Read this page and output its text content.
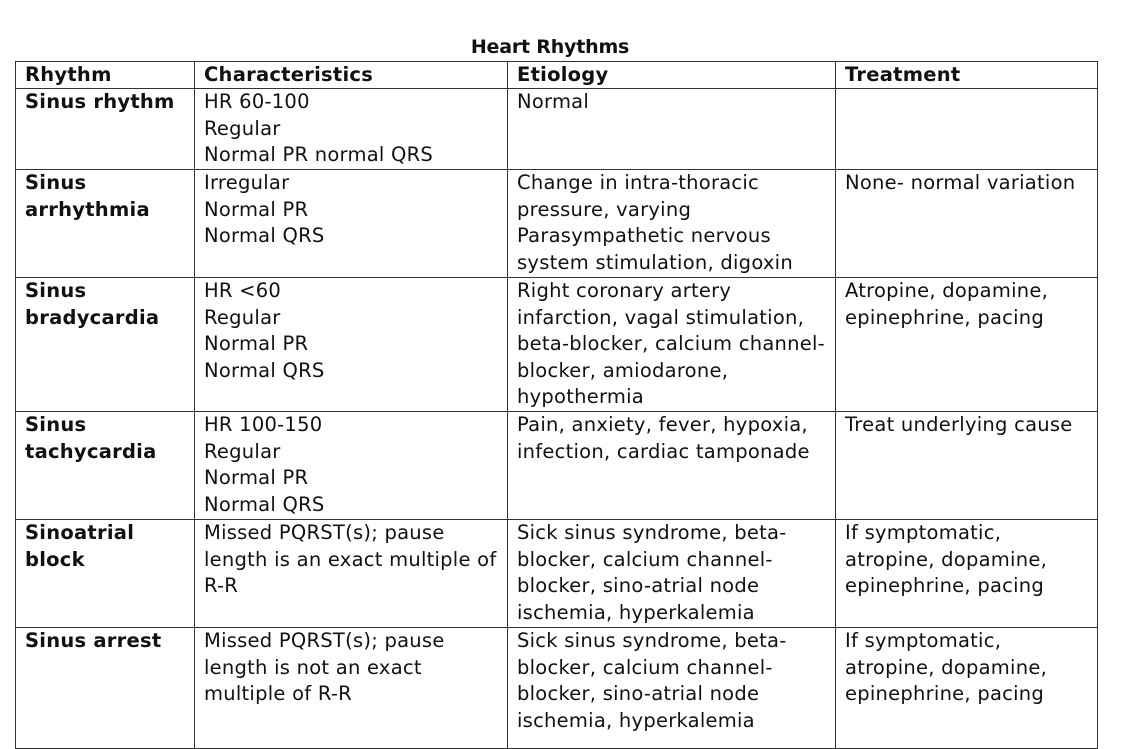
Heart Rhythms
Rhythm	Characteristics	Etiology	Treatment

Sinus rhythm	HR 60-100
Regular
Normal PR normal QRS	Normal	

Sinus
arrhythmia	Irregular
Normal PR
Normal QRS	Change in intra-thoracic
pressure, varying
Parasympathetic nervous
system stimulation, digoxin	None- normal variation

Sinus
bradycardia	HR <60
Regular
Normal PR
Normal QRS	Right coronary artery
infarction, vagal stimulation,
beta-blocker, calcium channel-
blocker, amiodarone,
hypothermia	Atropine, dopamine,
epinephrine, pacing

Sinus
tachycardia	HR 100-150
Regular
Normal PR
Normal QRS	Pain, anxiety, fever, hypoxia,
infection, cardiac tamponade	Treat underlying cause

Sinoatrial
block	Missed PQRST(s); pause
length is an exact multiple of
R-R	Sick sinus syndrome, beta-
blocker, calcium channel-
blocker, sino-atrial node
ischemia, hyperkalemia	If symptomatic,
atropine, dopamine,
epinephrine, pacing

Sinus arrest	Missed PQRST(s); pause
length is not an exact
multiple of R-R	Sick sinus syndrome, beta-
blocker, calcium channel-
blocker, sino-atrial node
ischemia, hyperkalemia	If symptomatic,
atropine, dopamine,
epinephrine, pacing
